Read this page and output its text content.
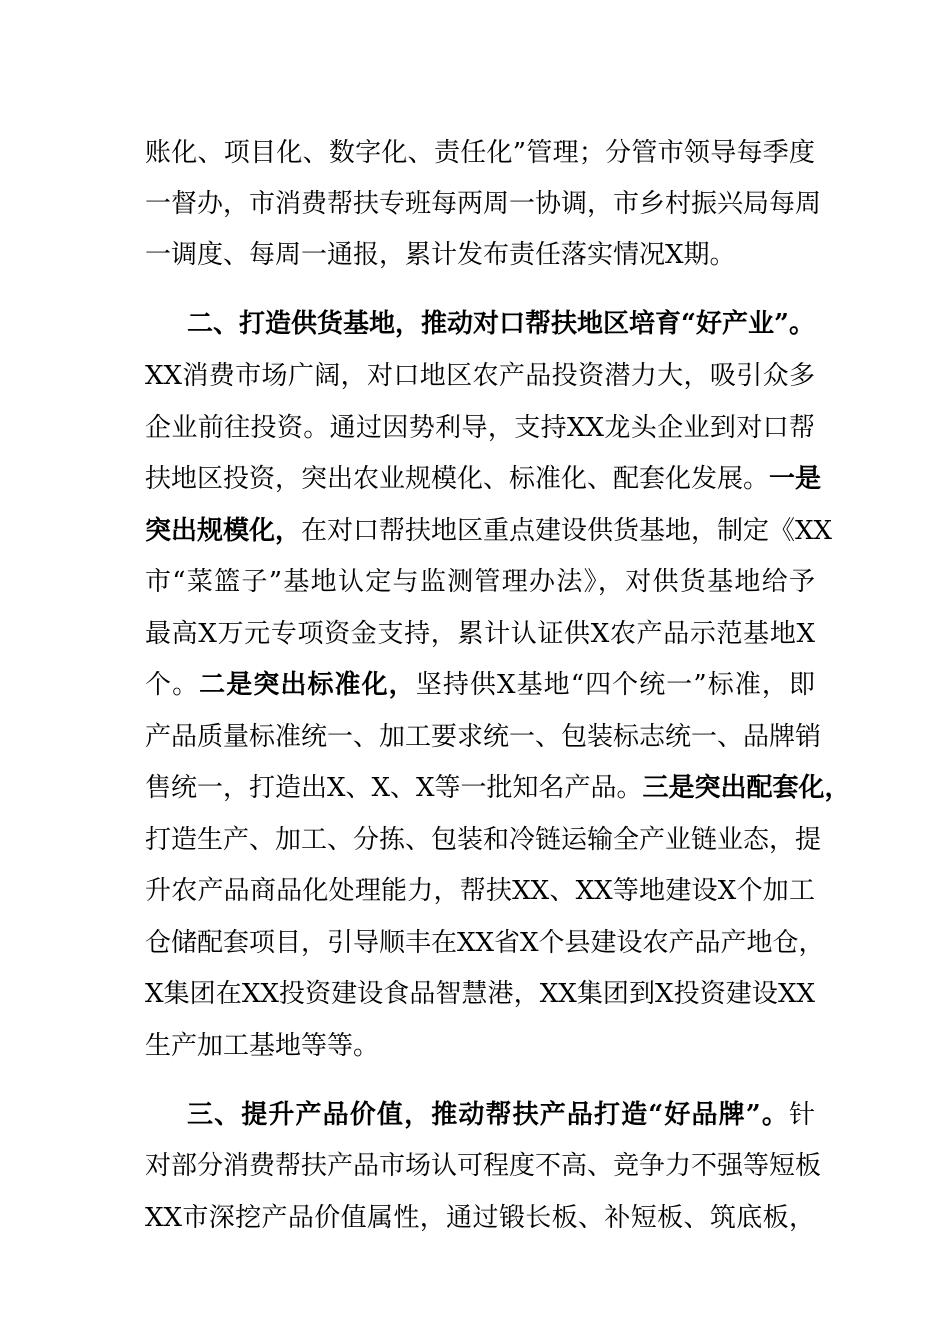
账化、项目化、数字化、责任化”管理；分管市领导每季度
一督办，市消费帮扶专班每两周一协调，市乡村振兴局每周
一调度、每周一通报，累计发布责任落实情况X期。
二、打造供货基地，推动对口帮扶地区培育“好产业”。
XX消费市场广阔，对口地区农产品投资潜力大，吸引众多
企业前往投资。通过因势利导，支持XX龙头企业到对口帮
扶地区投资，突出农业规模化、标准化、配套化发展。一是
突出规模化，在对口帮扶地区重点建设供货基地，制定《XX
市“菜篮子”基地认定与监测管理办法》，对供货基地给予
最高X万元专项资金支持，累计认证供X农产品示范基地X
个。二是突出标准化，坚持供X基地“四个统一”标准，即
产品质量标准统一、加工要求统一、包装标志统一、品牌销
售统一，打造出X、X、X等一批知名产品。三是突出配套化，
打造生产、加工、分拣、包装和冷链运输全产业链业态，提
升农产品商品化处理能力，帮扶XX、XX等地建设X个加工
仓储配套项目，引导顺丰在XX省X个县建设农产品产地仓，
X集团在XX投资建设食品智慧港，XX集团到X投资建设XX
生产加工基地等等。
三、提升产品价值，推动帮扶产品打造“好品牌”。针
对部分消费帮扶产品市场认可程度不高、竞争力不强等短板
XX市深挖产品价值属性，通过锻长板、补短板、筑底板，
